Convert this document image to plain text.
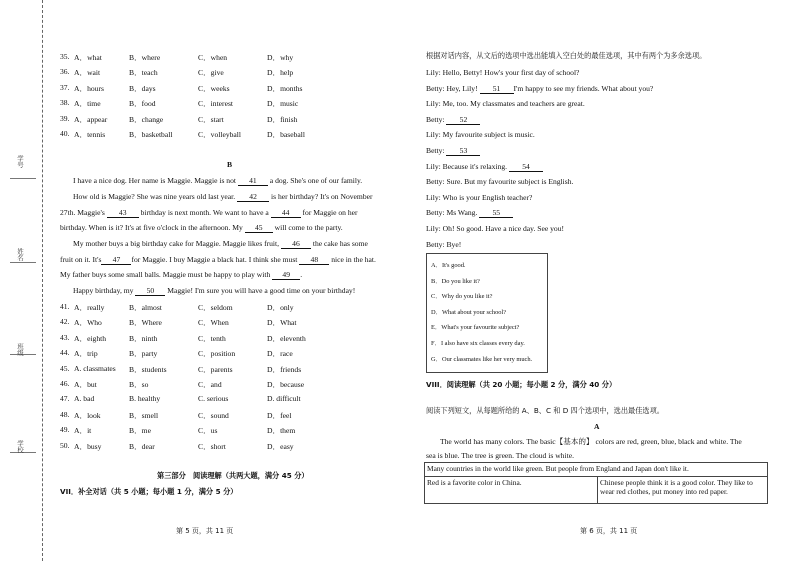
学号
姓名
班级
学校
35. A．what	B．where	C．when	D．why
36. A．wait	B．teach	C．give	D．help
37. A．hours	B．days	C．weeks	D．months
38. A．time	B．food	C．interest	D．music
39. A．appear	B．change	C．start	D．finish
40. A．tennis	B．basketball	C．volleyball	D．baseball
B
I have a nice dog. Her name is Maggie. Maggie is not 41 a dog. She's one of our family.
How old is Maggie? She was nine years old last year. 42 is her birthday? It's on November
27th. Maggie's 43 birthday is next month. We want to have a 44 for Maggie on her
birthday. When is it? It's at five o'clock in the afternoon. My 45 will come to the party.
My mother buys a big birthday cake for Maggie. Maggie likes fruit, 46 the cake has some
fruit on it. It's 47 for Maggie. I buy Maggie a black hat. I think she must 48 nice in the hat.
My father buys some small balls. Maggie must be happy to play with 49 .
Happy birthday, my 50 Maggie! I'm sure you will have a good time on your birthday!
41. A．really	B．almost	C．seldom	D．only
42. A．Who	B．Where	C．When	D．What
43. A．eighth	B．ninth	C．tenth	D．eleventh
44. A．trip	B．party	C．position	D．race
45. A. classmates B．students	C．parents	D．friends
46. A．but	B．so	C．and	D．because
47. A. bad	B. healthy	C. serious	D. difficult
48. A．look	B．smell	C．sound	D．feel
49. A．it	B．me	C．us	D．them
50. A．busy	B．dear	C．short	D．easy
第三部分　阅读理解（共两大题，满分 45 分）
VII．补全对话（共 5 小题；每小题 1 分，满分 5 分）
第 5 页，共 11 页
根据对话内容，从文后的选项中选出能填入空白处的最佳选项，其中有两个为多余选项。
Lily: Hello, Betty! How's your first day of school?
Betty: Hey, Lily! 51 I'm happy to see my friends. What about you?
Lily: Me, too. My classmates and teachers are great.
Betty: 52
Lily: My favourite subject is music.
Betty: 53
Lily: Because it's relaxing. 54
Betty: Sure. But my favourite subject is English.
Lily: Who is your English teacher?
Betty: Ms Wang. 55
Lily: Oh! So good. Have a nice day. See you!
Betty: Bye!
A．It's good.
B．Do you like it?
C．Why do you like it?
D．What about your school?
E．What's your favourite subject?
F．I also have six classes every day.
G．Our classmates like her very much.
VIII．阅读理解（共 20 小题；每小题 2 分，满分 40 分）
阅读下列短文，从每题所给的 A、B、C 和 D 四个选项中，选出最佳选项。
A
The world has many colors. The basic【基本的】 colors are red, green, blue, black and white. The
sea is blue. The tree is green. The cloud is white.
Many countries in the world like green. But people from England and Japan don't like it.
Red is a favorite color in China.	Chinese people think it is a good color. They like to
wear red clothes, put money into red paper.
第 6 页，共 11 页
